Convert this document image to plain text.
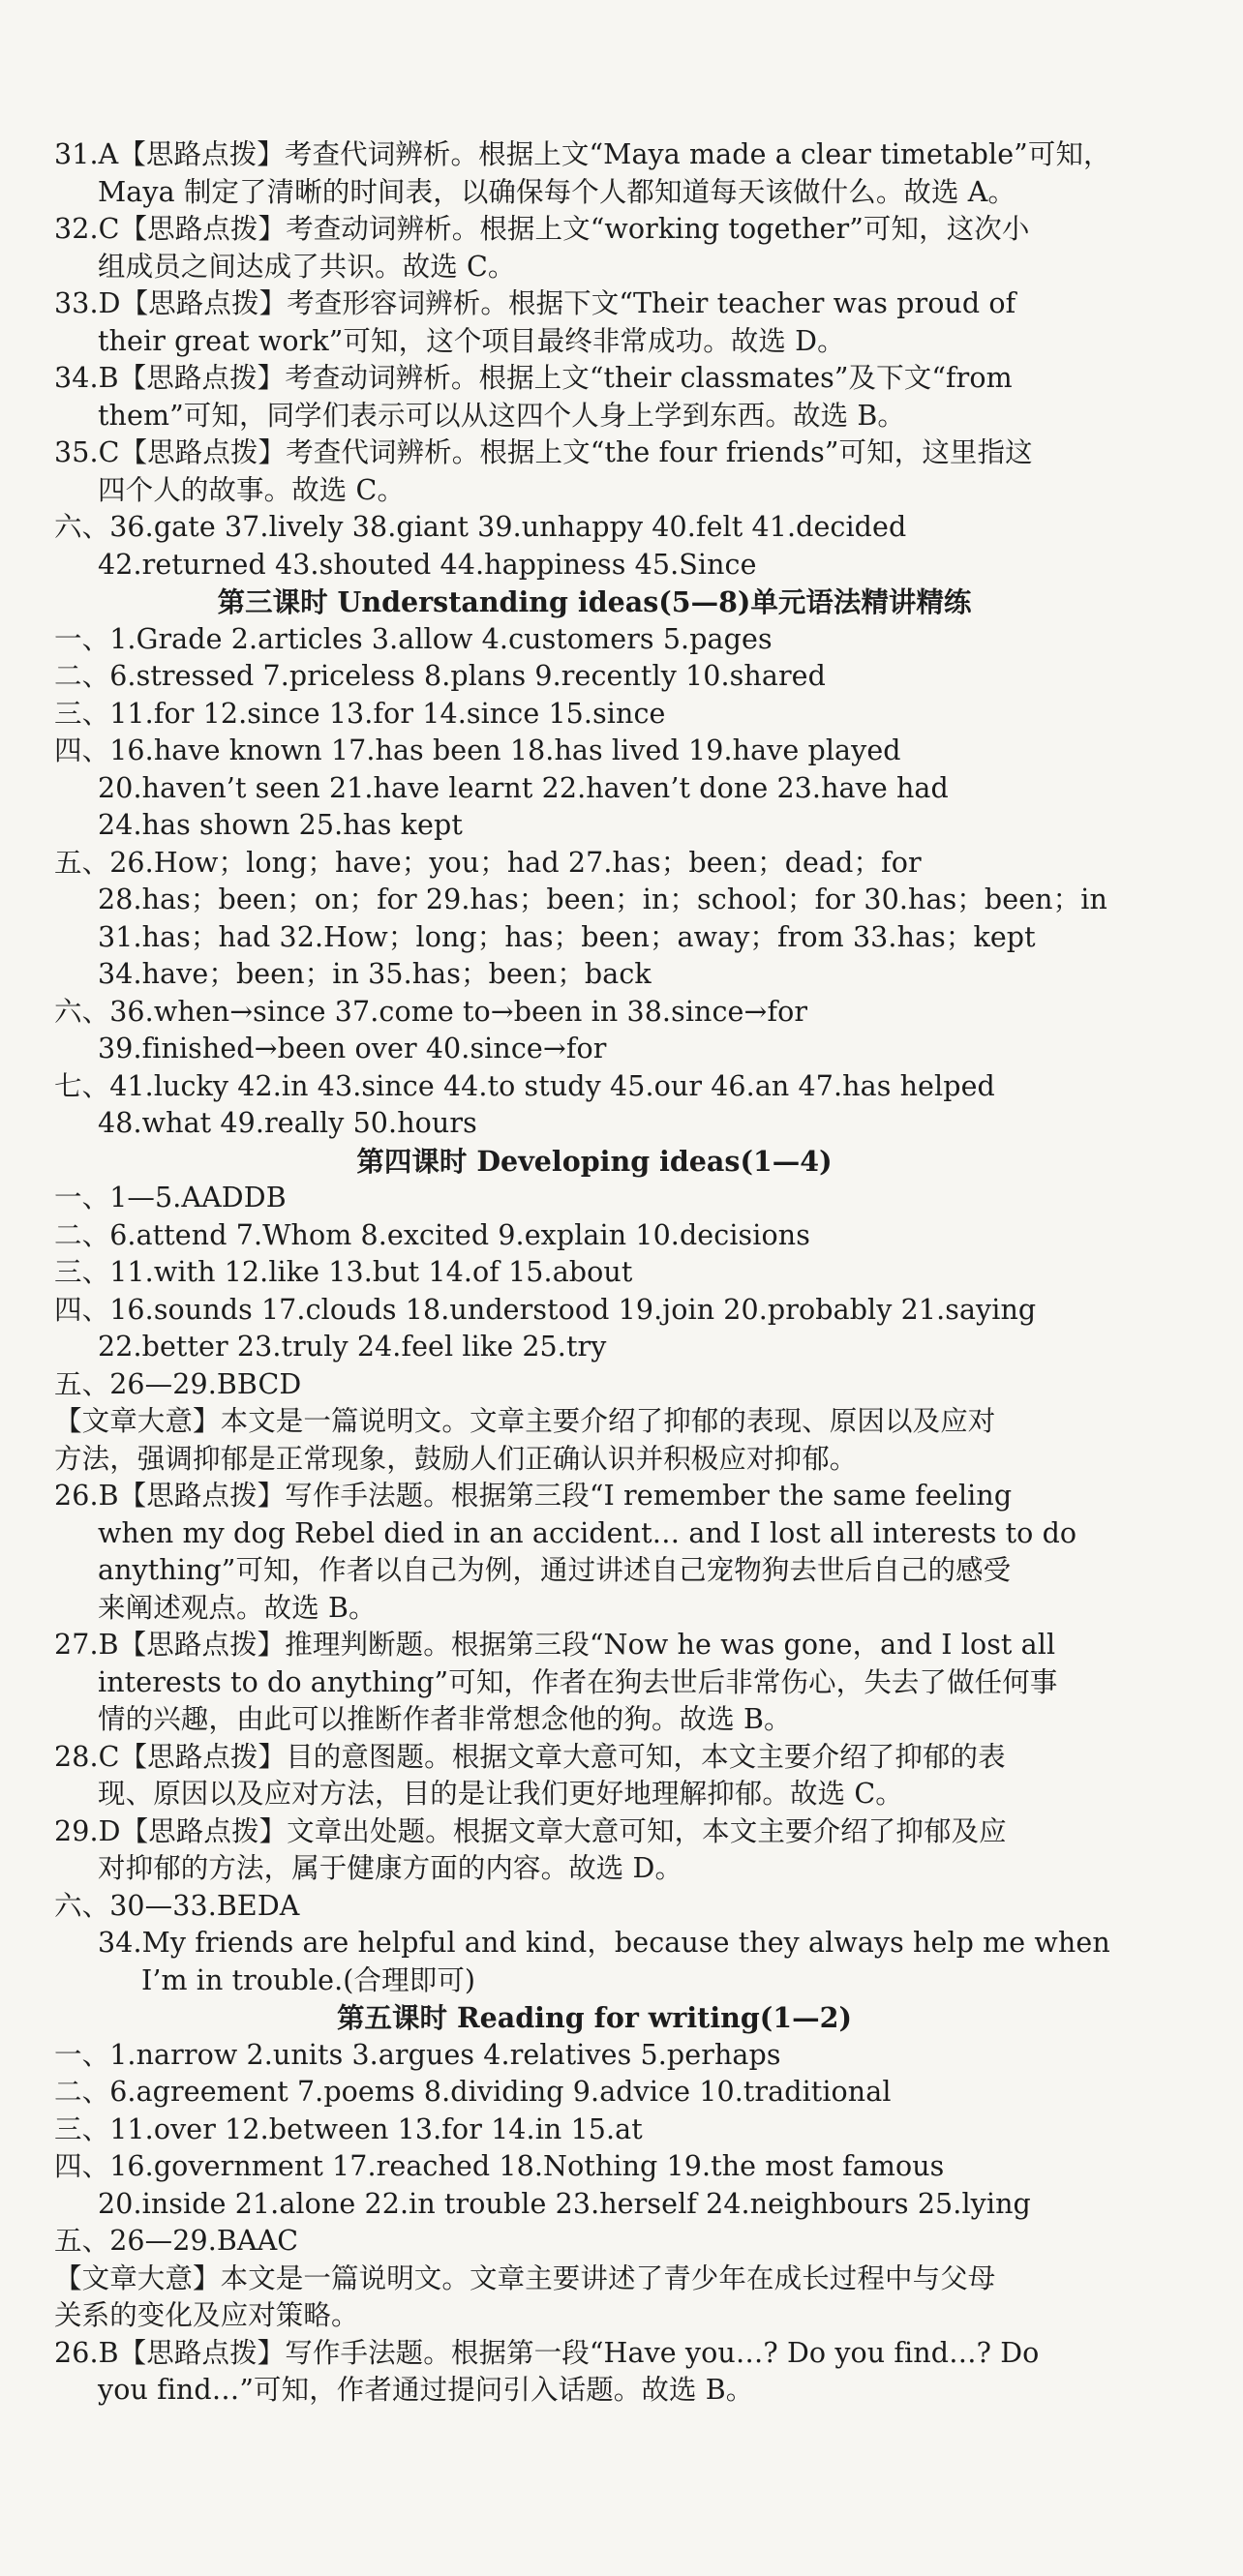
31.A【思路点拨】考查代词辨析。根据上文“Maya made a clear timetable”可知，
Maya 制定了清晰的时间表，以确保每个人都知道每天该做什么。故选 A。
32.C【思路点拨】考查动词辨析。根据上文“working together”可知，这次小
组成员之间达成了共识。故选 C。
33.D【思路点拨】考查形容词辨析。根据下文“Their teacher was proud of
their great work”可知，这个项目最终非常成功。故选 D。
34.B【思路点拨】考查动词辨析。根据上文“their classmates”及下文“from
them”可知，同学们表示可以从这四个人身上学到东西。故选 B。
35.C【思路点拨】考查代词辨析。根据上文“the four friends”可知，这里指这
四个人的故事。故选 C。
六、36.gate 37.lively 38.giant 39.unhappy 40.felt 41.decided
42.returned 43.shouted 44.happiness 45.Since
第三课时 Understanding ideas(5—8)单元语法精讲精练
一、1.Grade 2.articles 3.allow 4.customers 5.pages
二、6.stressed 7.priceless 8.plans 9.recently 10.shared
三、11.for 12.since 13.for 14.since 15.since
四、16.have known 17.has been 18.has lived 19.have played
20.haven’t seen 21.have learnt 22.haven’t done 23.have had
24.has shown 25.has kept
五、26.How；long；have；you；had 27.has；been；dead；for
28.has；been；on；for 29.has；been；in；school；for 30.has；been；in
31.has；had 32.How；long；has；been；away；from 33.has；kept
34.have；been；in 35.has；been；back
六、36.when→since 37.come to→been in 38.since→for
39.finished→been over 40.since→for
七、41.lucky 42.in 43.since 44.to study 45.our 46.an 47.has helped
48.what 49.really 50.hours
第四课时 Developing ideas(1—4)
一、1—5.AADDB
二、6.attend 7.Whom 8.excited 9.explain 10.decisions
三、11.with 12.like 13.but 14.of 15.about
四、16.sounds 17.clouds 18.understood 19.join 20.probably 21.saying
22.better 23.truly 24.feel like 25.try
五、26—29.BBCD
【文章大意】本文是一篇说明文。文章主要介绍了抑郁的表现、原因以及应对
方法，强调抑郁是正常现象，鼓励人们正确认识并积极应对抑郁。
26.B【思路点拨】写作手法题。根据第三段“I remember the same feeling
when my dog Rebel died in an accident… and I lost all interests to do
anything”可知，作者以自己为例，通过讲述自己宠物狗去世后自己的感受
来阐述观点。故选 B。
27.B【思路点拨】推理判断题。根据第三段“Now he was gone，and I lost all
interests to do anything”可知，作者在狗去世后非常伤心，失去了做任何事
情的兴趣，由此可以推断作者非常想念他的狗。故选 B。
28.C【思路点拨】目的意图题。根据文章大意可知，本文主要介绍了抑郁的表
现、原因以及应对方法，目的是让我们更好地理解抑郁。故选 C。
29.D【思路点拨】文章出处题。根据文章大意可知，本文主要介绍了抑郁及应
对抑郁的方法，属于健康方面的内容。故选 D。
六、30—33.BEDA
34.My friends are helpful and kind，because they always help me when
I’m in trouble.(合理即可)
第五课时 Reading for writing(1—2)
一、1.narrow 2.units 3.argues 4.relatives 5.perhaps
二、6.agreement 7.poems 8.dividing 9.advice 10.traditional
三、11.over 12.between 13.for 14.in 15.at
四、16.government 17.reached 18.Nothing 19.the most famous
20.inside 21.alone 22.in trouble 23.herself 24.neighbours 25.lying
五、26—29.BAAC
【文章大意】本文是一篇说明文。文章主要讲述了青少年在成长过程中与父母
关系的变化及应对策略。
26.B【思路点拨】写作手法题。根据第一段“Have you…? Do you find…? Do
you find…”可知，作者通过提问引入话题。故选 B。
